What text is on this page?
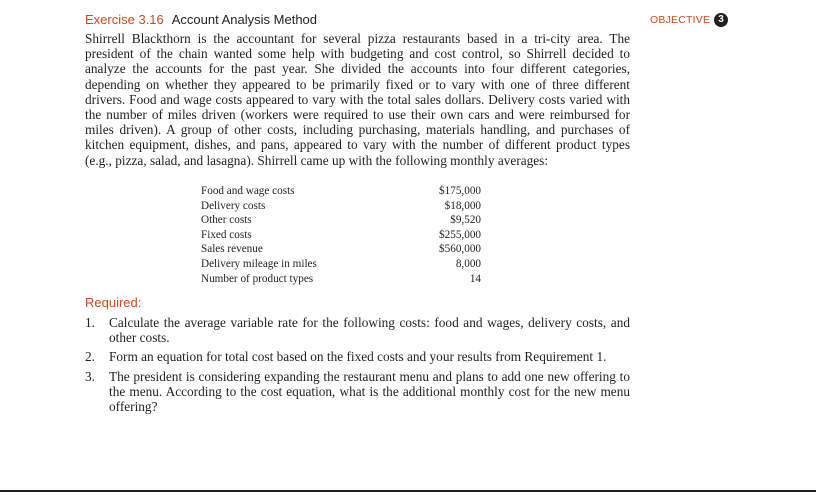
Exercise 3.16 Account Analysis Method	OBJECTIVE 3
Shirrell Blackthorn is the accountant for several pizza restaurants based in a tri-city area. The president of the chain wanted some help with budgeting and cost control, so Shirrell decided to analyze the accounts for the past year. She divided the accounts into four different categories, depending on whether they appeared to be primarily fixed or to vary with one of three different drivers. Food and wage costs appeared to vary with the total sales dollars. Delivery costs varied with the number of miles driven (workers were required to use their own cars and were reimbursed for miles driven). A group of other costs, including purchasing, materials handling, and purchases of kitchen equipment, dishes, and pans, appeared to vary with the number of different product types (e.g., pizza, salad, and lasagna). Shirrell came up with the following monthly averages:
Food and wage costs	$175,000
Delivery costs	$18,000
Other costs	$9,520
Fixed costs	$255,000
Sales revenue	$560,000
Delivery mileage in miles	8,000
Number of product types	14
Required:
1.	Calculate the average variable rate for the following costs: food and wages, delivery costs, and other costs.
2.	Form an equation for total cost based on the fixed costs and your results from Requirement 1.
3.	The president is considering expanding the restaurant menu and plans to add one new offering to the menu. According to the cost equation, what is the additional monthly cost for the new menu offering?
